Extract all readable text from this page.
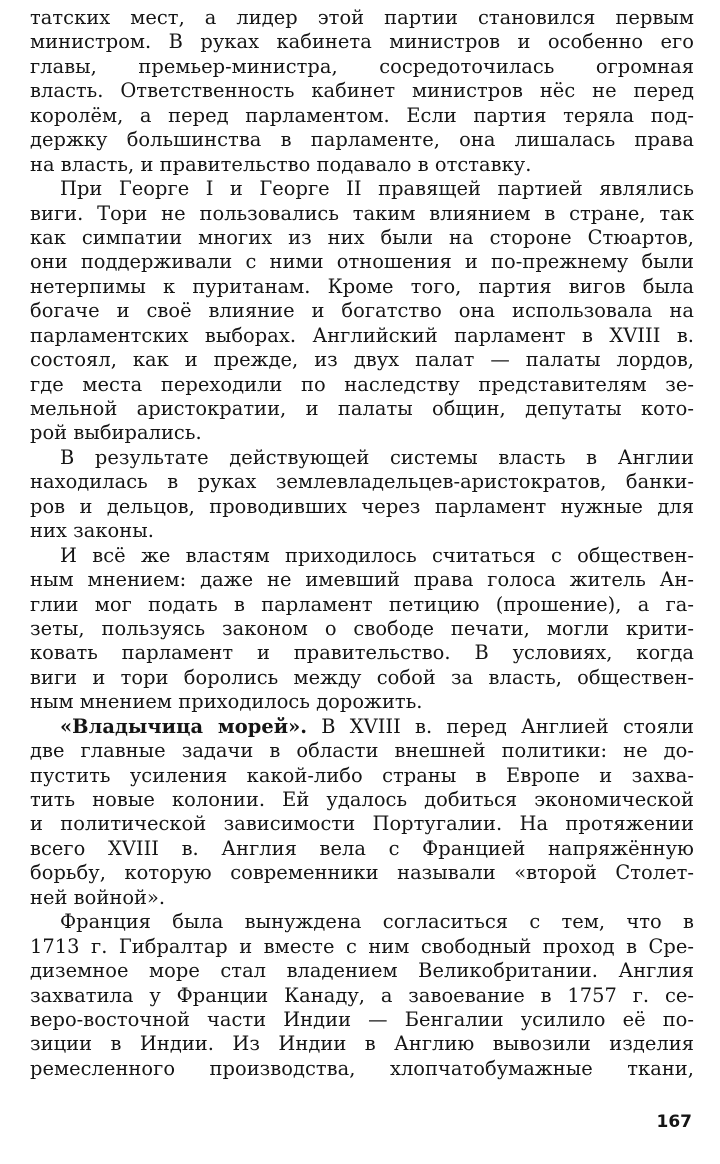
татских мест, а лидер этой партии становился первым
министром. В руках кабинета министров и особенно его
главы, премьер-министра, сосредоточилась огромная
власть. Ответственность кабинет министров нёс не перед
королём, а перед парламентом. Если партия теряла под-
держку большинства в парламенте, она лишалась права
на власть, и правительство подавало в отставку.
При Георге I и Георге II правящей партией являлись
виги. Тори не пользовались таким влиянием в стране, так
как симпатии многих из них были на стороне Стюартов,
они поддерживали с ними отношения и по-прежнему были
нетерпимы к пуританам. Кроме того, партия вигов была
богаче и своё влияние и богатство она использовала на
парламентских выборах. Английский парламент в XVIII в.
состоял, как и прежде, из двух палат — палаты лордов,
где места переходили по наследству представителям зе-
мельной аристократии, и палаты общин, депутаты кото-
рой выбирались.
В результате действующей системы власть в Англии
находилась в руках землевладельцев-аристократов, банки-
ров и дельцов, проводивших через парламент нужные для
них законы.
И всё же властям приходилось считаться с обществен-
ным мнением: даже не имевший права голоса житель Ан-
глии мог подать в парламент петицию (прошение), а га-
зеты, пользуясь законом о свободе печати, могли крити-
ковать парламент и правительство. В условиях, когда
виги и тори боролись между собой за власть, обществен-
ным мнением приходилось дорожить.
«Владычица морей». В XVIII в. перед Англией стояли
две главные задачи в области внешней политики: не до-
пустить усиления какой-либо страны в Европе и захва-
тить новые колонии. Ей удалось добиться экономической
и политической зависимости Португалии. На протяжении
всего XVIII в. Англия вела с Францией напряжённую
борьбу, которую современники называли «второй Столет-
ней войной».
Франция была вынуждена согласиться с тем, что в
1713 г. Гибралтар и вместе с ним свободный проход в Сре-
диземное море стал владением Великобритании. Англия
захватила у Франции Канаду, а завоевание в 1757 г. се-
веро-восточной части Индии — Бенгалии усилило её по-
зиции в Индии. Из Индии в Англию вывозили изделия
ремесленного производства, хлопчатобумажные ткани,
167
